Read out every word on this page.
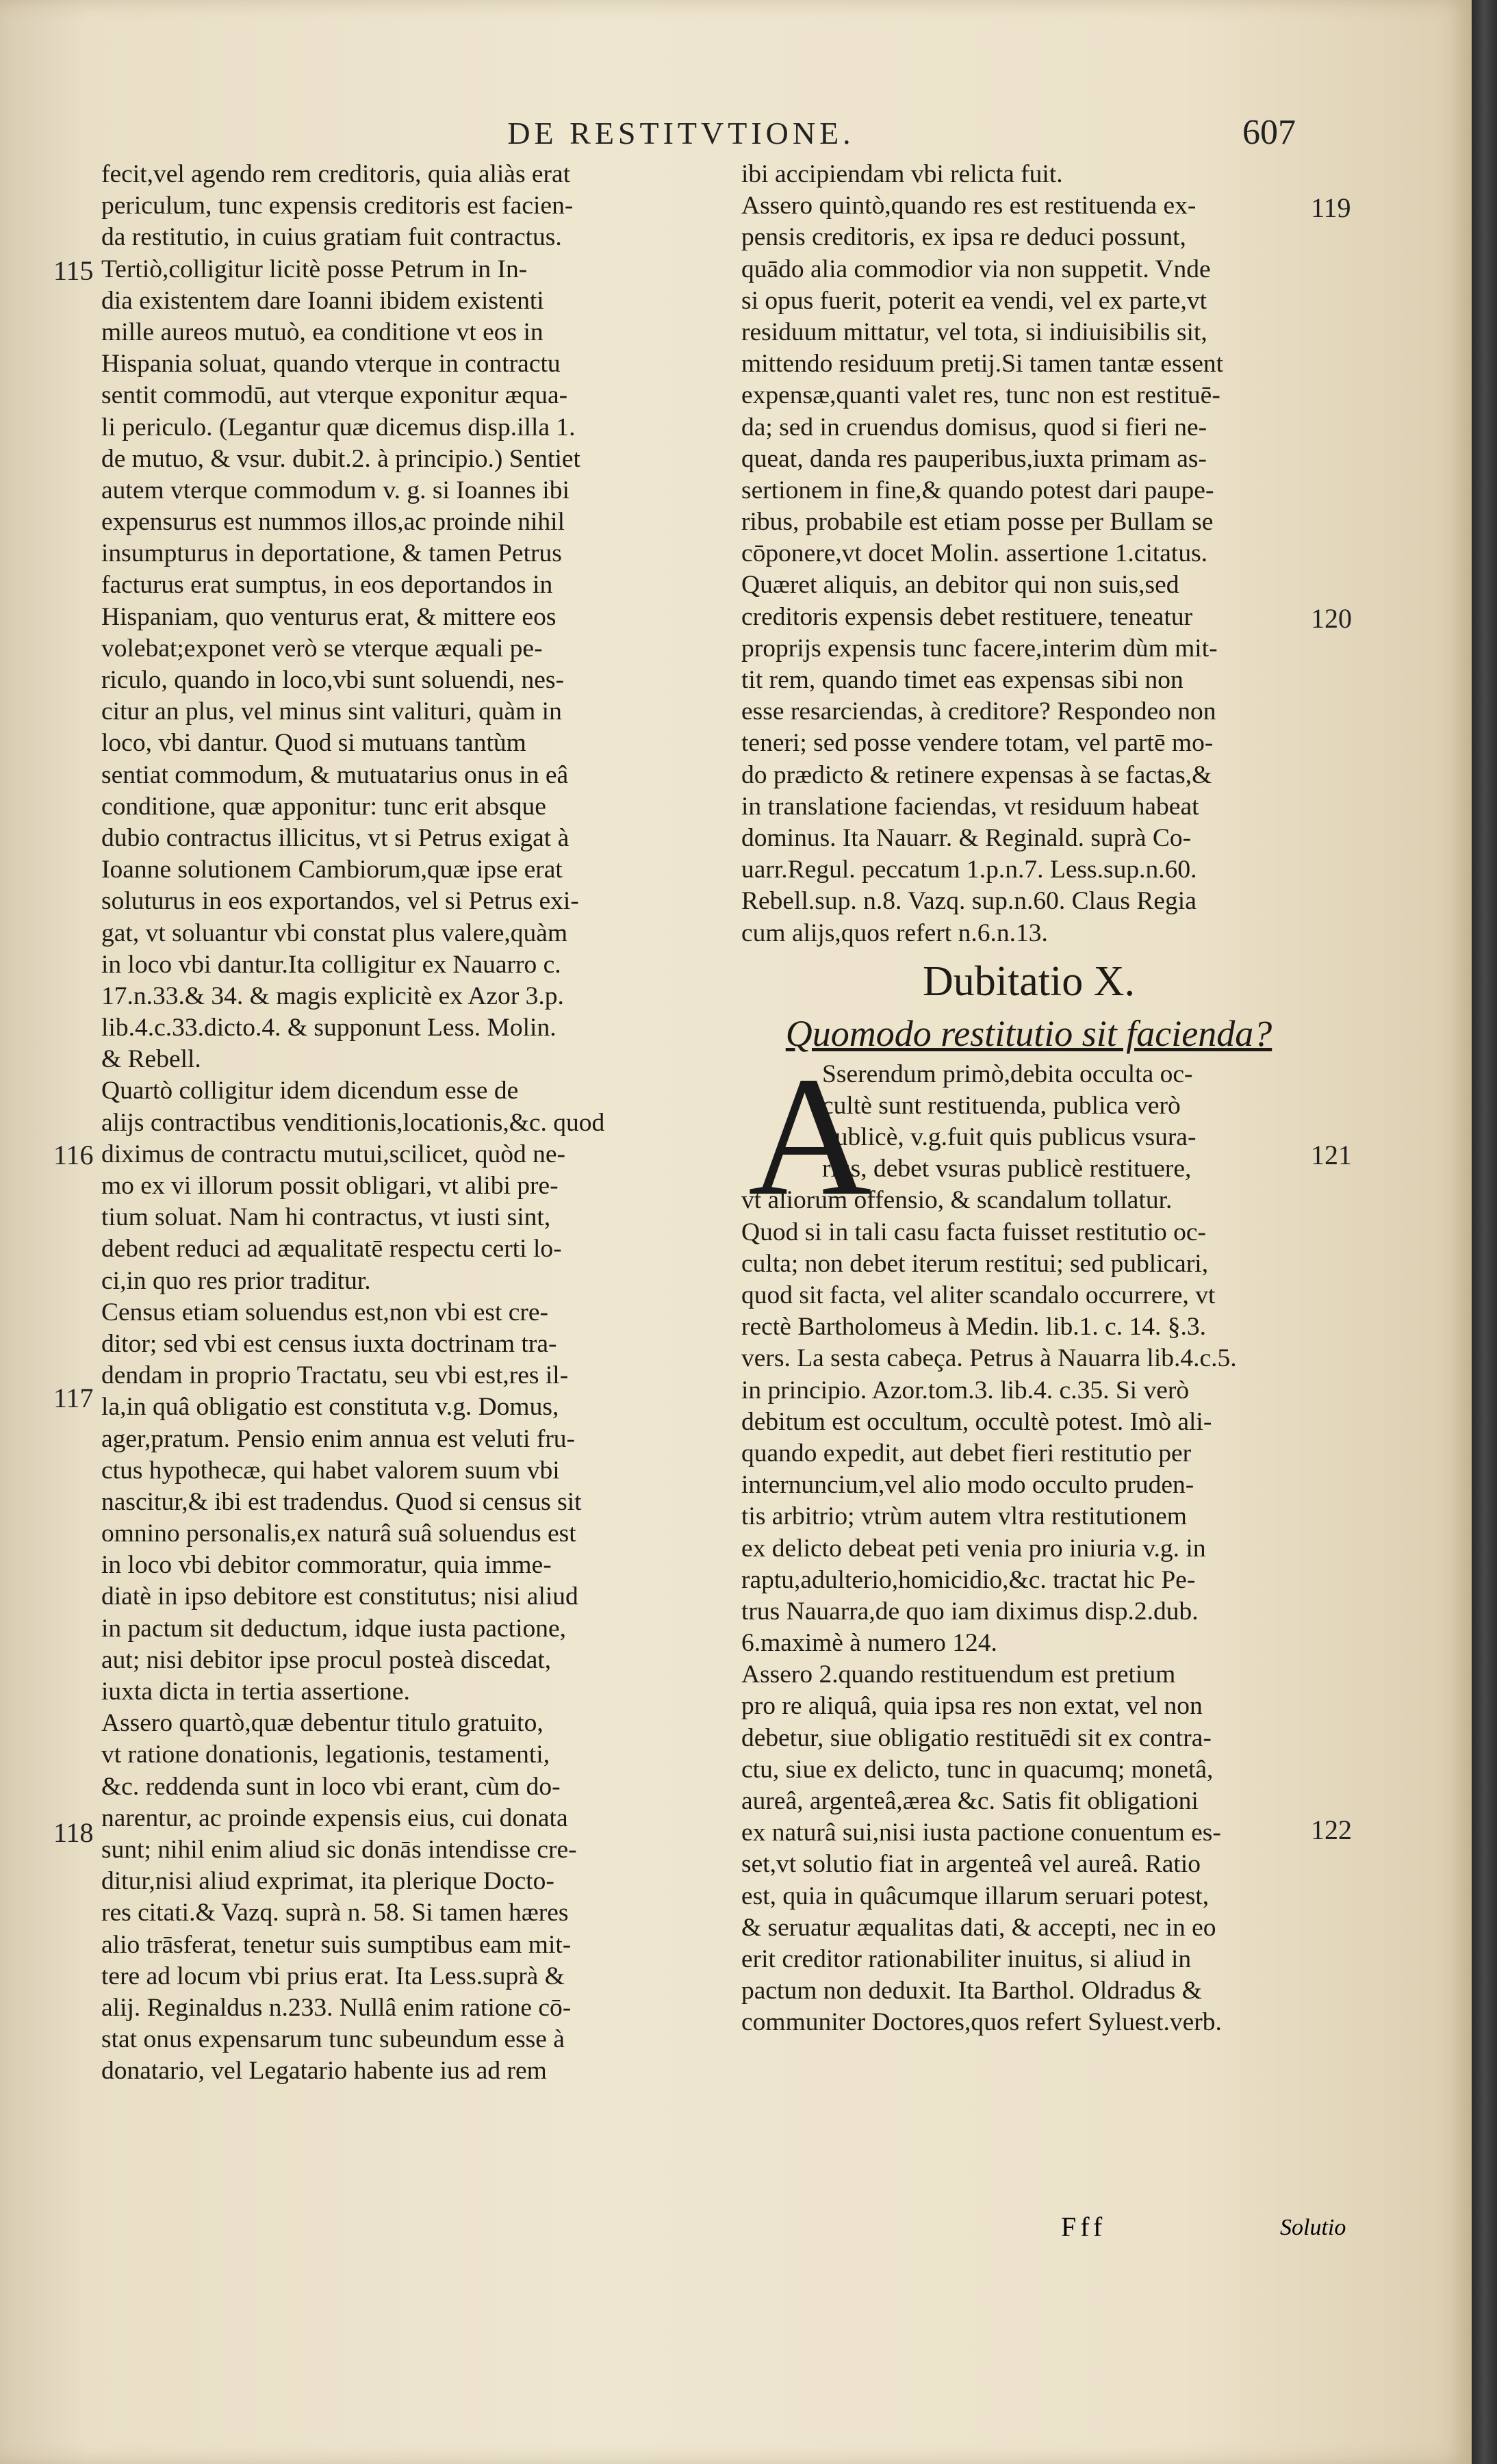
DE RESTITVTIONE.	607
115
116
117
118
119
120
121
122
fecit,vel agendo rem creditoris, quia aliàs erat
periculum, tunc expensis creditoris est facien-
da restitutio, in cuius gratiam fuit contractus.
Tertiò,colligitur licitè posse Petrum in In-
dia existentem dare Ioanni ibidem existenti
mille aureos mutuò, ea conditione vt eos in
Hispania soluat, quando vterque in contractu
sentit commodū, aut vterque exponitur æqua-
li periculo. (Legantur quæ dicemus disp.illa 1.
de mutuo, & vsur. dubit.2. à principio.) Sentiet
autem vterque commodum v. g. si Ioannes ibi
expensurus est nummos illos,ac proinde nihil
insumpturus in deportatione, & tamen Petrus
facturus erat sumptus, in eos deportandos in
Hispaniam, quo venturus erat, & mittere eos
volebat;exponet verò se vterque æquali pe-
riculo, quando in loco,vbi sunt soluendi, nes-
citur an plus, vel minus sint valituri, quàm in
loco, vbi dantur. Quod si mutuans tantùm
sentiat commodum, & mutuatarius onus in eâ
conditione, quæ apponitur: tunc erit absque
dubio contractus illicitus, vt si Petrus exigat à
Ioanne solutionem Cambiorum,quæ ipse erat
soluturus in eos exportandos, vel si Petrus exi-
gat, vt soluantur vbi constat plus valere,quàm
in loco vbi dantur.Ita colligitur ex Nauarro c.
17.n.33.& 34. & magis explicitè ex Azor 3.p.
lib.4.c.33.dicto.4. & supponunt Less. Molin.
& Rebell.
Quartò colligitur idem dicendum esse de
alijs contractibus venditionis,locationis,&c. quod
diximus de contractu mutui,scilicet, quòd ne-
mo ex vi illorum possit obligari, vt alibi pre-
tium soluat. Nam hi contractus, vt iusti sint,
debent reduci ad æqualitatē respectu certi lo-
ci,in quo res prior traditur.
Census etiam soluendus est,non vbi est cre-
ditor; sed vbi est census iuxta doctrinam tra-
dendam in proprio Tractatu, seu vbi est,res il-
la,in quâ obligatio est constituta v.g. Domus,
ager,pratum. Pensio enim annua est veluti fru-
ctus hypothecæ, qui habet valorem suum vbi
nascitur,& ibi est tradendus. Quod si census sit
omnino personalis,ex naturâ suâ soluendus est
in loco vbi debitor commoratur, quia imme-
diatè in ipso debitore est constitutus; nisi aliud
in pactum sit deductum, idque iusta pactione,
aut; nisi debitor ipse procul posteà discedat,
iuxta dicta in tertia assertione.
Assero quartò,quæ debentur titulo gratuito,
vt ratione donationis, legationis, testamenti,
&c. reddenda sunt in loco vbi erant, cùm do-
narentur, ac proinde expensis eius, cui donata
sunt; nihil enim aliud sic donās intendisse cre-
ditur,nisi aliud exprimat, ita plerique Docto-
res citati.& Vazq. suprà n. 58. Si tamen hæres
alio trāsferat, tenetur suis sumptibus eam mit-
tere ad locum vbi prius erat. Ita Less.suprà &
alij. Reginaldus n.233. Nullâ enim ratione cō-
stat onus expensarum tunc subeundum esse à
donatario, vel Legatario habente ius ad rem
ibi accipiendam vbi relicta fuit.
Assero quintò,quando res est restituenda ex-
pensis creditoris, ex ipsa re deduci possunt,
quādo alia commodior via non suppetit. Vnde
si opus fuerit, poterit ea vendi, vel ex parte,vt
residuum mittatur, vel tota, si indiuisibilis sit,
mittendo residuum pretij.Si tamen tantæ essent
expensæ,quanti valet res, tunc non est restituē-
da; sed in cruendus domisus, quod si fieri ne-
queat, danda res pauperibus,iuxta primam as-
sertionem in fine,& quando potest dari paupe-
ribus, probabile est etiam posse per Bullam se
cōponere,vt docet Molin. assertione 1.citatus.
Quæret aliquis, an debitor qui non suis,sed
creditoris expensis debet restituere, teneatur
proprijs expensis tunc facere,interim dùm mit-
tit rem, quando timet eas expensas sibi non
esse resarciendas, à creditore? Respondeo non
teneri; sed posse vendere totam, vel partē mo-
do prædicto & retinere expensas à se factas,&
in translatione faciendas, vt residuum habeat
dominus. Ita Nauarr. & Reginald. suprà Co-
uarr.Regul. peccatum 1.p.n.7. Less.sup.n.60.
Rebell.sup. n.8. Vazq. sup.n.60. Claus Regia
cum alijs,quos refert n.6.n.13.
Dubitatio X.
Quomodo restitutio sit facienda?
A
Sserendum primò,debita occulta oc-
cultè sunt restituenda, publica verò
publicè, v.g.fuit quis publicus vsura-
rius, debet vsuras publicè restituere,
vt aliorum offensio, & scandalum tollatur.
Quod si in tali casu facta fuisset restitutio oc-
culta; non debet iterum restitui; sed publicari,
quod sit facta, vel aliter scandalo occurrere, vt
rectè Bartholomeus à Medin. lib.1. c. 14. §.3.
vers. La sesta cabeça. Petrus à Nauarra lib.4.c.5.
in principio. Azor.tom.3. lib.4. c.35. Si verò
debitum est occultum, occultè potest. Imò ali-
quando expedit, aut debet fieri restitutio per
internuncium,vel alio modo occulto pruden-
tis arbitrio; vtrùm autem vltra restitutionem
ex delicto debeat peti venia pro iniuria v.g. in
raptu,adulterio,homicidio,&c. tractat hic Pe-
trus Nauarra,de quo iam diximus disp.2.dub.
6.maximè à numero 124.
Assero 2.quando restituendum est pretium
pro re aliquâ, quia ipsa res non extat, vel non
debetur, siue obligatio restituēdi sit ex contra-
ctu, siue ex delicto, tunc in quacumq; monetâ,
aureâ, argenteâ,ærea &c. Satis fit obligationi
ex naturâ sui,nisi iusta pactione conuentum es-
set,vt solutio fiat in argenteâ vel aureâ. Ratio
est, quia in quâcumque illarum seruari potest,
& seruatur æqualitas dati, & accepti, nec in eo
erit creditor rationabiliter inuitus, si aliud in
pactum non deduxit. Ita Barthol. Oldradus &
communiter Doctores,quos refert Syluest.verb.
Fff	Solutio
